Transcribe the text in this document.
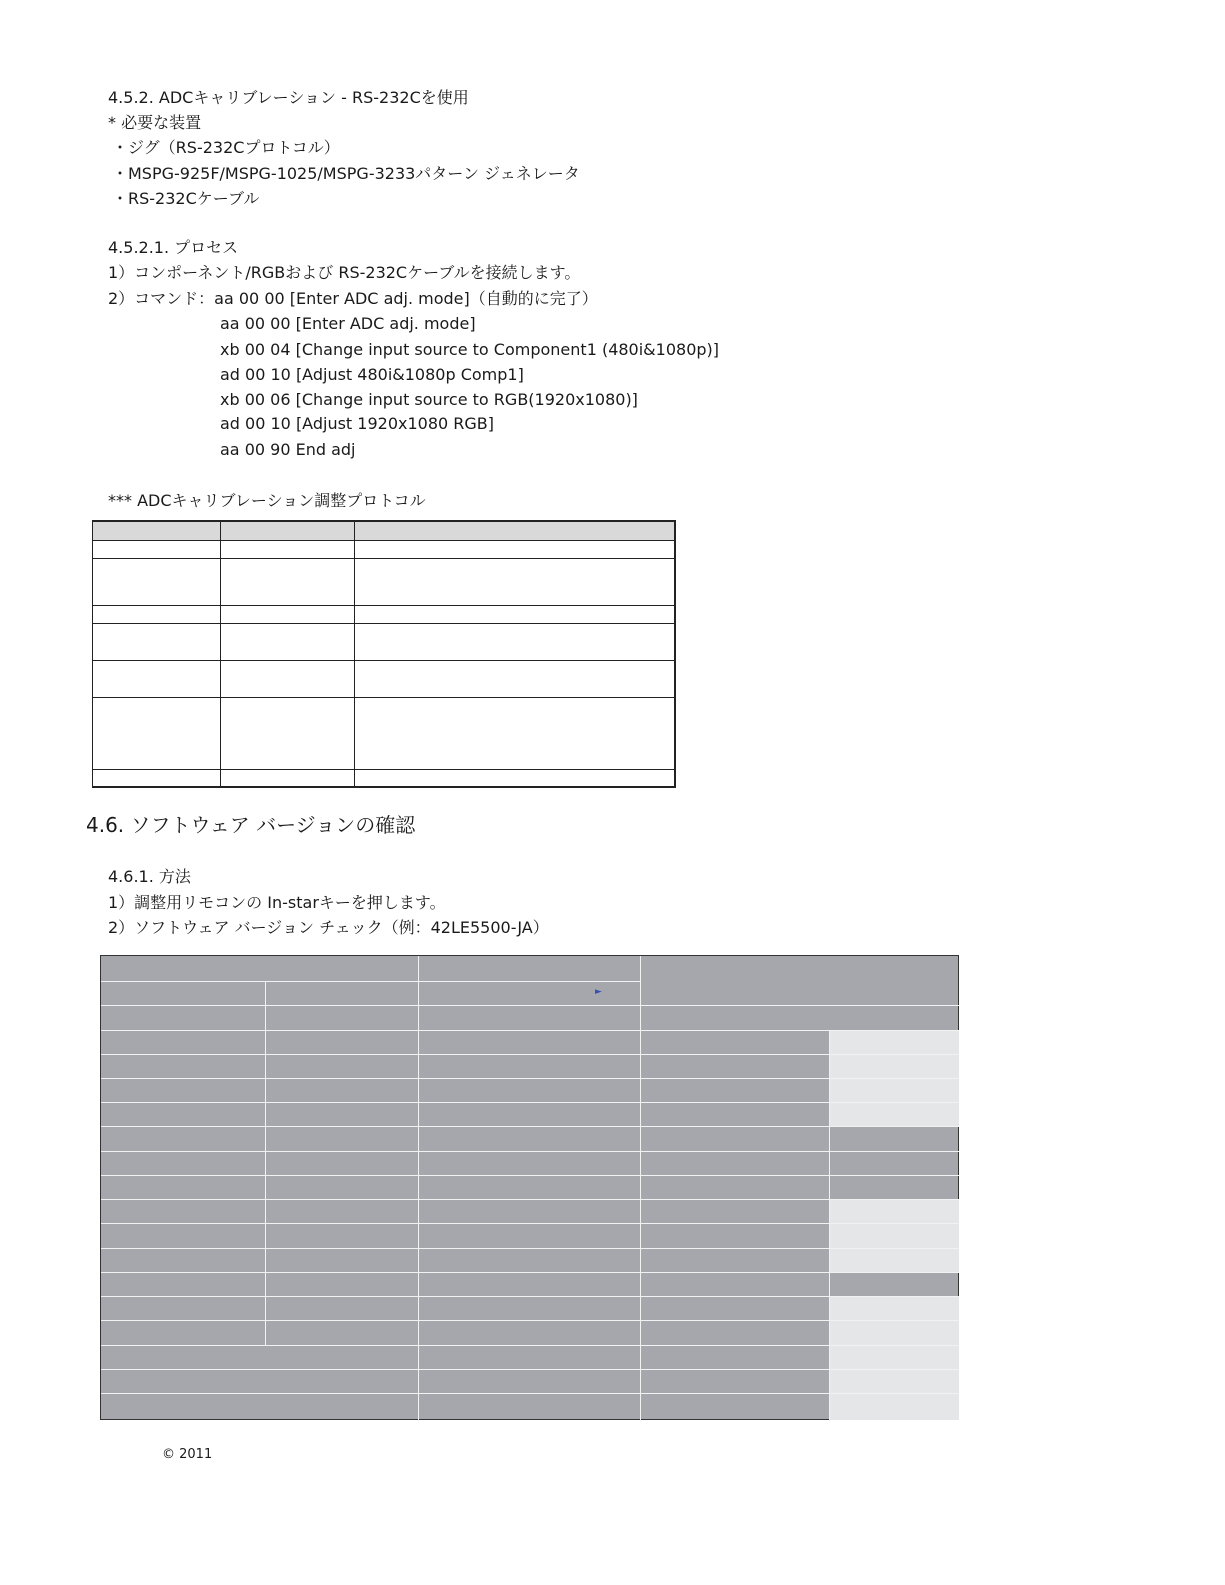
4.5.2. ADCキャリブレーション - RS-232Cを使用
* 必要な装置
・ジグ（RS-232Cプロトコル）
・MSPG-925F/MSPG-1025/MSPG-3233パターン ジェネレータ
・RS-232Cケーブル
4.5.2.1. プロセス
1）コンポーネント/RGBおよび RS-232Cケーブルを接続します。
2）コマンド：aa 00 00 [Enter ADC adj. mode]（自動的に完了）
aa 00 00 [Enter ADC adj. mode]
xb 00 04 [Change input source to Component1 (480i&1080p)]
ad 00 10 [Adjust 480i&1080p Comp1]
xb 00 06 [Change input source to RGB(1920x1080)]
ad 00 10 [Adjust 1920x1080 RGB]
aa 00 90 End adj
*** ADCキャリブレーション調整プロトコル
4.6. ソフトウェア バージョンの確認
4.6.1. 方法
1）調整用リモコンの In-starキーを押します。
2）ソフトウェア バージョン チェック（例：42LE5500-JA）
►
© 2011
